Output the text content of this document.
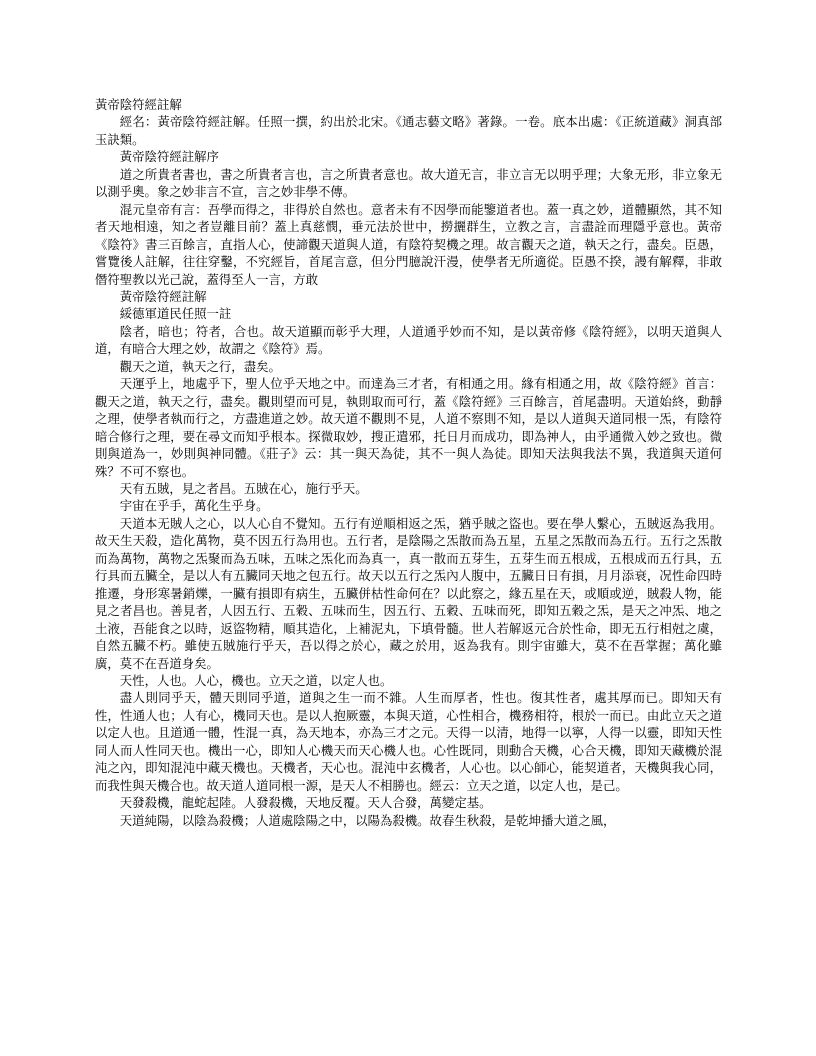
黃帝陰符經註解

經名：黃帝陰符經註解。任照一撰，約出於北宋。《通志藝文略》著錄。一卷。底本出處：《正統道藏》洞真部玉訣類。

黃帝陰符經註解序

道之所貴者書也，書之所貴者言也，言之所貴者意也。故大道无言，非立言无以明乎理；大象无形，非立象无以測乎奧。象之妙非言不宣，言之妙非學不傳。

混元皇帝有言：吾學而得之，非得於自然也。意者未有不因學而能鑒道者也。蓋一真之妙，道體顯然，其不知者天地相遠，知之者豈離目前？蓋上真慈憫，垂元法於世中，撈攦群生，立教之言，言盡詮而理隱乎意也。黃帝《陰符》書三百餘言，直指人心，使諦觀天道與人道，有陰符契機之理。故言觀天之道，執天之行，盡矣。臣愚，嘗覽後人註解，往往穿鑿，不究經旨，首尾言意，但分門臆說汗漫，使學者无所適從。臣愚不揆，謾有解釋，非敢僭符聖教以光己說，蓋得至人一言，方敢

黃帝陰符經註解

綏德軍道民任照一註

陰者，暗也；符者，合也。故天道顯而彰乎大理，人道通乎妙而不知，是以黃帝修《陰符經》，以明天道與人道，有暗合大理之妙，故謂之《陰符》焉。

觀天之道，執天之行，盡矣。

天運乎上，地處乎下，聖人位乎天地之中。而達為三才者，有相通之用。緣有相通之用，故《陰符經》首言：觀天之道，執天之行，盡矣。觀則望而可見，執則取而可行，蓋《陰符經》三百餘言，首尾盡明。天道始終，動靜之理，使學者執而行之，方盡進道之妙。故天道不觀則不見，人道不察則不知，是以人道與天道同根一炁，有陰符暗合修行之理，要在尋文而知乎根本。探微取妙，搜正遣邪，托日月而成功，即為神人，由乎通微入妙之致也。微則與道為一，妙則與神同體。《莊子》云：其一與天為徒，其不一與人為徒。即知天法與我法不異，我道與天道何殊？不可不察也。

天有五賊，見之者昌。五賊在心，施行乎天。

宇宙在乎手，萬化生乎身。

天道本无賊人之心，以人心自不覺知。五行有逆順相返之炁，猶乎賊之盜也。要在學人繫心，五賊返為我用。故天生天殺，造化萬物，莫不因五行為用也。五行者，是陰陽之炁散而為五星，五星之炁散而為五行。五行之炁散而為萬物，萬物之炁聚而為五味，五味之炁化而為真一，真一散而五芽生，五芽生而五根成，五根成而五行具，五行具而五臟全，是以人有五臟同天地之包五行。故天以五行之炁內人腹中，五臟日日有損，月月添衰，况性命四時推遷，身形寒暑銷爍，一臟有損即有病生，五臟併枯性命何在？以此察之，緣五星在天，或順或逆，賊殺人物，能見之者昌也。善見者，人因五行、五穀、五味而生，因五行、五穀、五味而死，即知五穀之炁，是天之冲炁、地之土液，吾能食之以時，返盜物精，順其造化，上補泥丸，下填骨髓。世人若解返元合於性命，即无五行相尅之虞，自然五臟不朽。雖使五賊施行乎天，吾以得之於心，藏之於用，返為我有。則宇宙雖大，莫不在吾掌握；萬化雖廣，莫不在吾道身矣。

天性，人也。人心，機也。立天之道，以定人也。

盡人則同乎天，體天則同乎道，道與之生一而不雜。人生而厚者，性也。復其性者，處其厚而已。即知天有性，性通人也；人有心，機同天也。是以人抱厥靈，本與天道，心性相合，機務相符，根於一而已。由此立天之道以定人也。且道通一體，性混一真，為天地本，亦為三才之元。天得一以清，地得一以寧，人得一以靈，即知天性同人而人性同天也。機出一心，即知人心機天而天心機人也。心性既同，則動合天機，心合天機，即知天藏機於混沌之內，即知混沌中藏天機也。天機者，天心也。混沌中玄機者，人心也。以心師心，能契道者，天機與我心同，而我性與天機合也。故天道人道同根一源，是天人不相勝也。經云：立天之道，以定人也，是己。

天發殺機，龍蛇起陸。人發殺機，天地反覆。天人合發，萬變定基。

天道純陽，以陰為殺機；人道處陰陽之中，以陽為殺機。故春生秋殺，是乾坤播大道之風，
